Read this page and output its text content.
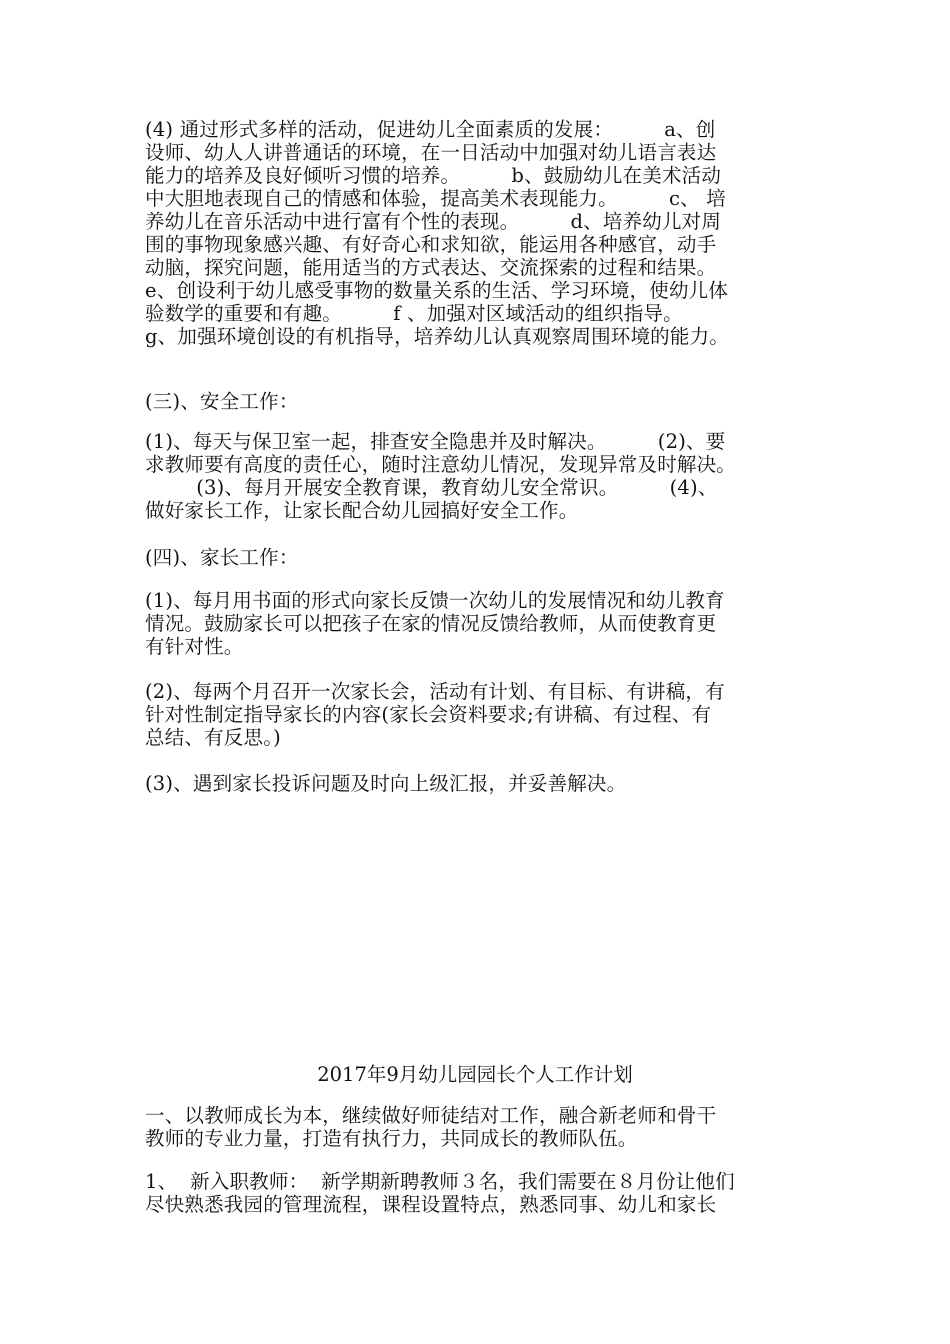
(4) 通过形式多样的活动，促进幼儿全面素质的发展：        a、创
设师、幼人人讲普通话的环境，在一日活动中加强对幼儿语言表达
能力的培养及良好倾听习惯的培养。        b、鼓励幼儿在美术活动
中大胆地表现自己的情感和体验，提高美术表现能力。        c、 培
养幼儿在音乐活动中进行富有个性的表现。        d、培养幼儿对周
围的事物现象感兴趣、有好奇心和求知欲，能运用各种感官，动手
动脑，探究问题，能用适当的方式表达、交流探索的过程和结果。
e、创设利于幼儿感受事物的数量关系的生活、学习环境，使幼儿体
验数学的重要和有趣。        f 、加强对区域活动的组织指导。
g、加强环境创设的有机指导，培养幼儿认真观察周围环境的能力。
(三)、安全工作：
(1)、每天与保卫室一起，排查安全隐患并及时解决。        (2)、要
求教师要有高度的责任心，随时注意幼儿情况，发现异常及时解决。
(3)、每月开展安全教育课，教育幼儿安全常识。        (4)、
做好家长工作，让家长配合幼儿园搞好安全工作。
(四)、家长工作：
(1)、每月用书面的形式向家长反馈一次幼儿的发展情况和幼儿教育
情况。鼓励家长可以把孩子在家的情况反馈给教师，从而使教育更
有针对性。
(2)、每两个月召开一次家长会，活动有计划、有目标、有讲稿，有
针对性制定指导家长的内容(家长会资料要求;有讲稿、有过程、有
总结、有反思。)
(3)、遇到家长投诉问题及时向上级汇报，并妥善解决。
2017年9月幼儿园园长个人工作计划
一、以教师成长为本，继续做好师徒结对工作，融合新老师和骨干
教师的专业力量，打造有执行力，共同成长的教师队伍。
1、  新入职教师：  新学期新聘教师３名，我们需要在８月份让他们
尽快熟悉我园的管理流程，课程设置特点，熟悉同事、幼儿和家长
